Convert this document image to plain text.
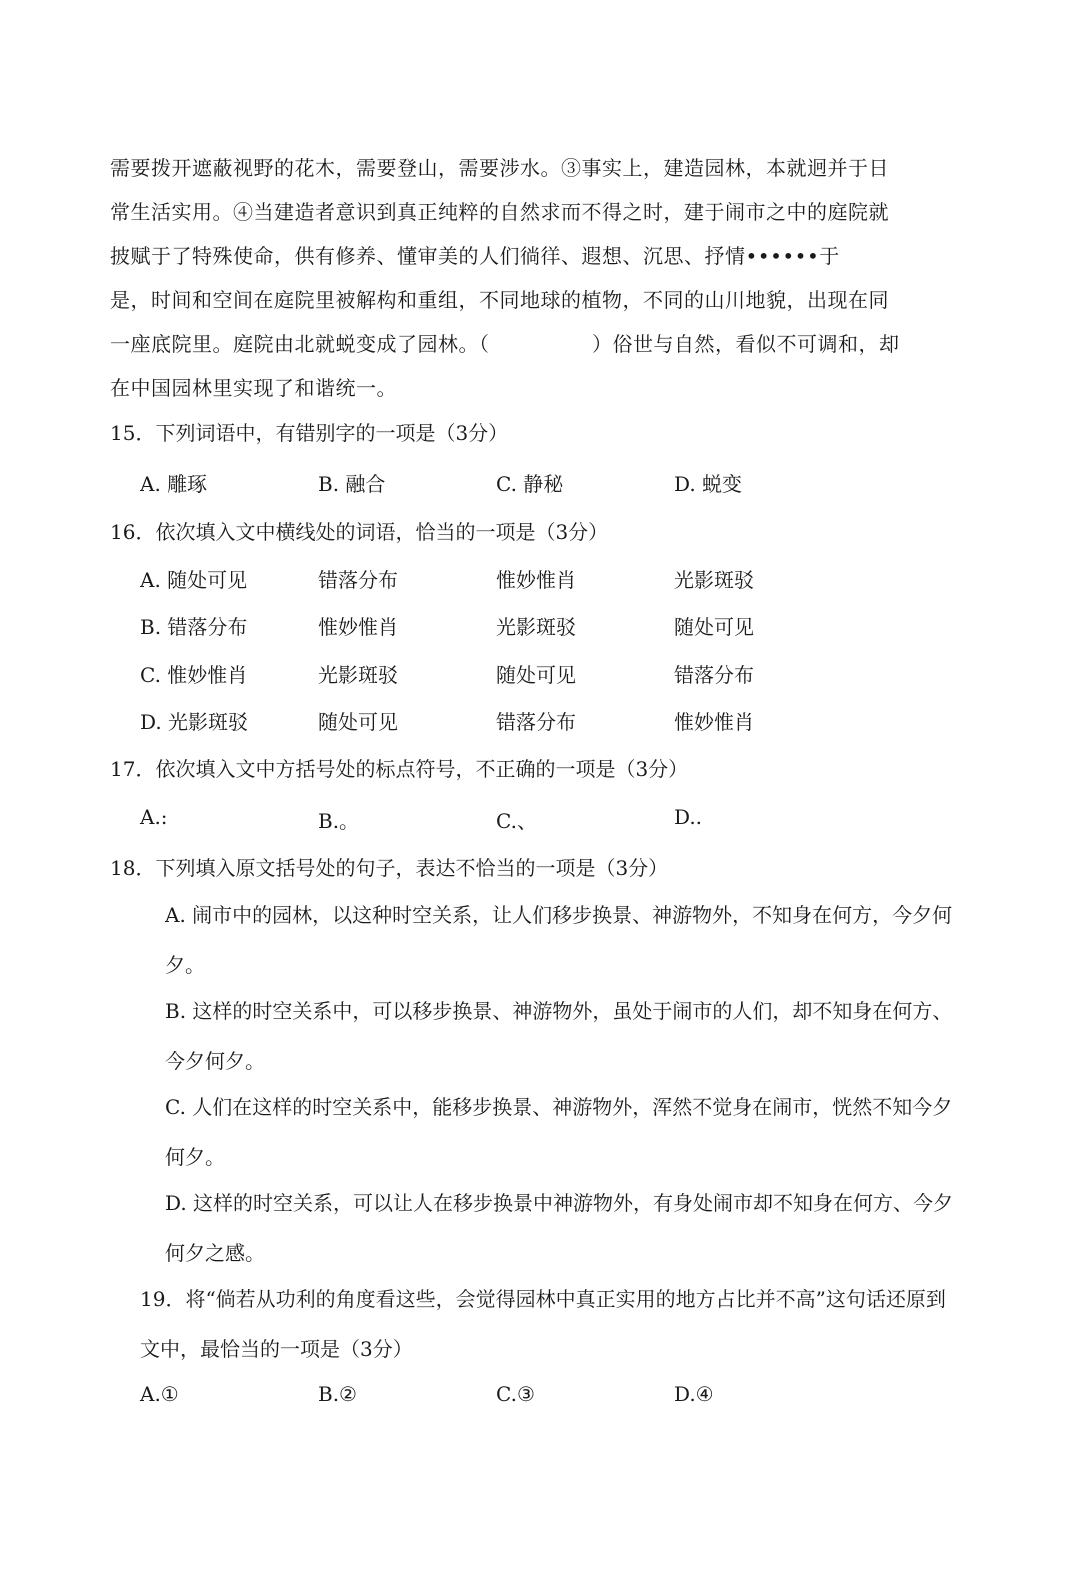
需要拨开遮蔽视野的花木，需要登山，需要涉水。③事实上，建造园林，本就迥并于日
常生活实用。④当建造者意识到真正纯粹的自然求而不得之时，建于闹市之中的庭院就
披赋于了特殊使命，供有修养、懂审美的人们徜徉、遐想、沉思、抒情••••••于
是，时间和空间在庭院里被解构和重组，不同地球的植物，不同的山川地貌，出现在同
一座底院里。庭院由北就蜕变成了园林。（　　　　　）俗世与自然，看似不可调和，却
在中国园林里实现了和谐统一。
15．下列词语中，有错别字的一项是（3分）
A. 雕琢	B. 融合	C. 静秘	D. 蜕变
16．依次填入文中横线处的词语，恰当的一项是（3分）
A. 随处可见	错落分布	惟妙惟肖	光影斑驳
B. 错落分布	惟妙惟肖	光影斑驳	随处可见
C. 惟妙惟肖	光影斑驳	随处可见	错落分布
D. 光影斑驳	随处可见	错落分布	惟妙惟肖
17．依次填入文中方括号处的标点符号，不正确的一项是（3分）
A.:	B.。	C.、	D..
18．下列填入原文括号处的句子，表达不恰当的一项是（3分）
A. 闹市中的园林，以这种时空关系，让人们移步换景、神游物外，不知身在何方，今夕何夕。
B. 这样的时空关系中，可以移步换景、神游物外，虽处于闹市的人们，却不知身在何方、今夕何夕。
C. 人们在这样的时空关系中，能移步换景、神游物外，浑然不觉身在闹市，恍然不知今夕何夕。
D. 这样的时空关系，可以让人在移步换景中神游物外，有身处闹市却不知身在何方、今夕何夕之感。
19．将“倘若从功利的角度看这些，会觉得园林中真正实用的地方占比并不高”这句话还原到文中，最恰当的一项是（3分）
A.①	B.②	C.③	D.④
